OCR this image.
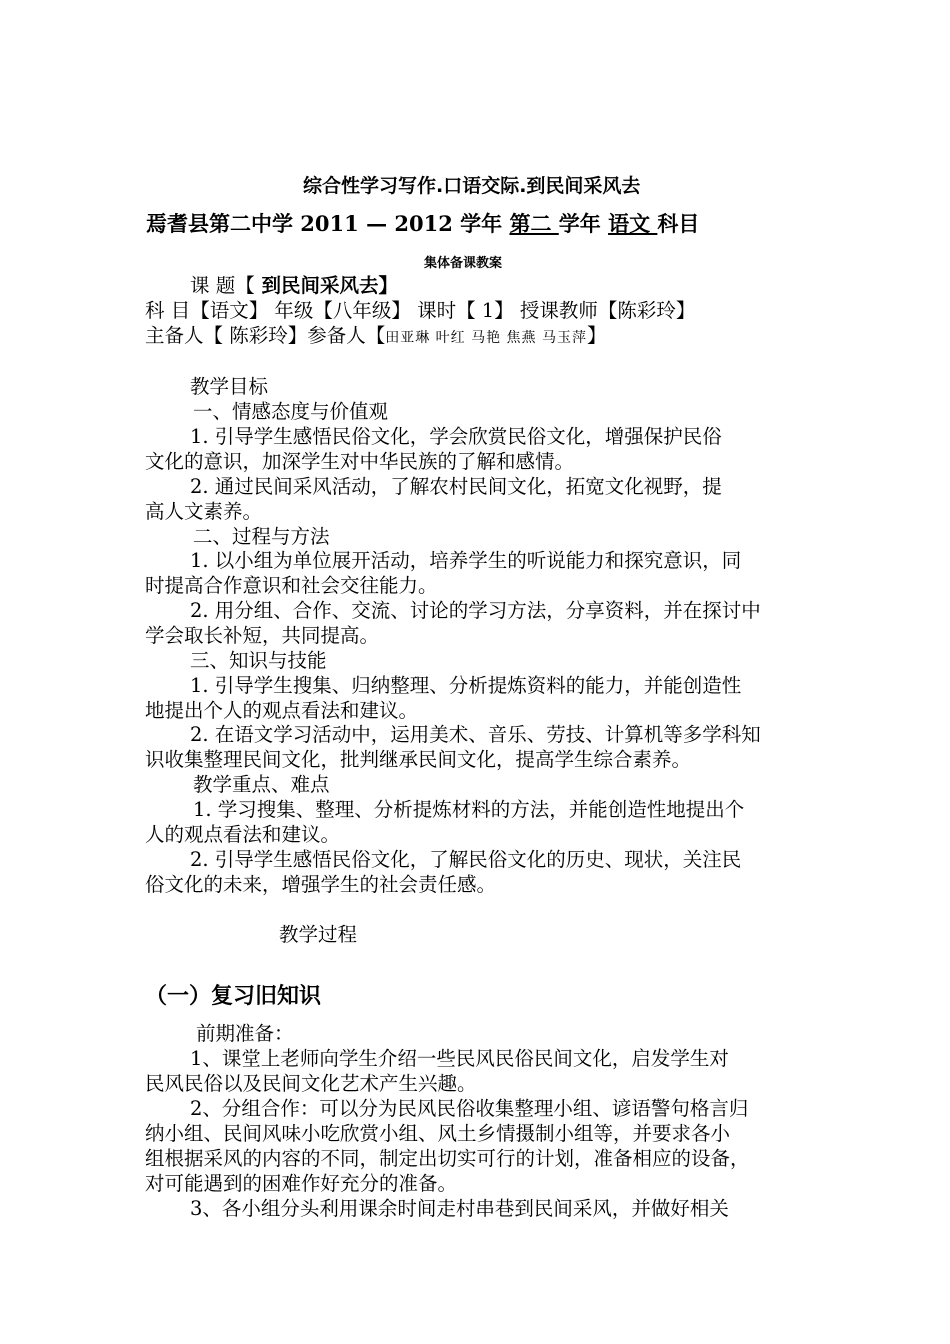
综合性学习写作.口语交际.到民间采风去
焉耆县第二中学 2011 — 2012 学年 第二 学年 语文 科目
集体备课教案
课 题【 到民间采风去】
科 目【语文】 年级【八年级】 课时【 1】 授课教师【陈彩玲】
主备人【 陈彩玲】参备人【田亚琳 叶红 马艳 焦燕 马玉萍】
教学目标
一、情感态度与价值观
1. 引导学生感悟民俗文化，学会欣赏民俗文化，增强保护民俗
文化的意识，加深学生对中华民族的了解和感情。
2. 通过民间采风活动，了解农村民间文化，拓宽文化视野，提
高人文素养。
二、过程与方法
1. 以小组为单位展开活动，培养学生的听说能力和探究意识，同
时提高合作意识和社会交往能力。
2. 用分组、合作、交流、讨论的学习方法，分享资料，并在探讨中
学会取长补短，共同提高。
三、知识与技能
1. 引导学生搜集、归纳整理、分析提炼资料的能力，并能创造性
地提出个人的观点看法和建议。
2. 在语文学习活动中，运用美术、音乐、劳技、计算机等多学科知
识收集整理民间文化，批判继承民间文化，提高学生综合素养。
教学重点、难点
1. 学习搜集、整理、分析提炼材料的方法，并能创造性地提出个
人的观点看法和建议。
2. 引导学生感悟民俗文化，了解民俗文化的历史、现状，关注民
俗文化的未来，增强学生的社会责任感。
教学过程
（一）复习旧知识
前期准备：
1、课堂上老师向学生介绍一些民风民俗民间文化，启发学生对
民风民俗以及民间文化艺术产生兴趣。
2、分组合作：可以分为民风民俗收集整理小组、谚语警句格言归
纳小组、民间风味小吃欣赏小组、风土乡情摄制小组等，并要求各小
组根据采风的内容的不同，制定出切实可行的计划，准备相应的设备，
对可能遇到的困难作好充分的准备。
3、各小组分头利用课余时间走村串巷到民间采风，并做好相关
